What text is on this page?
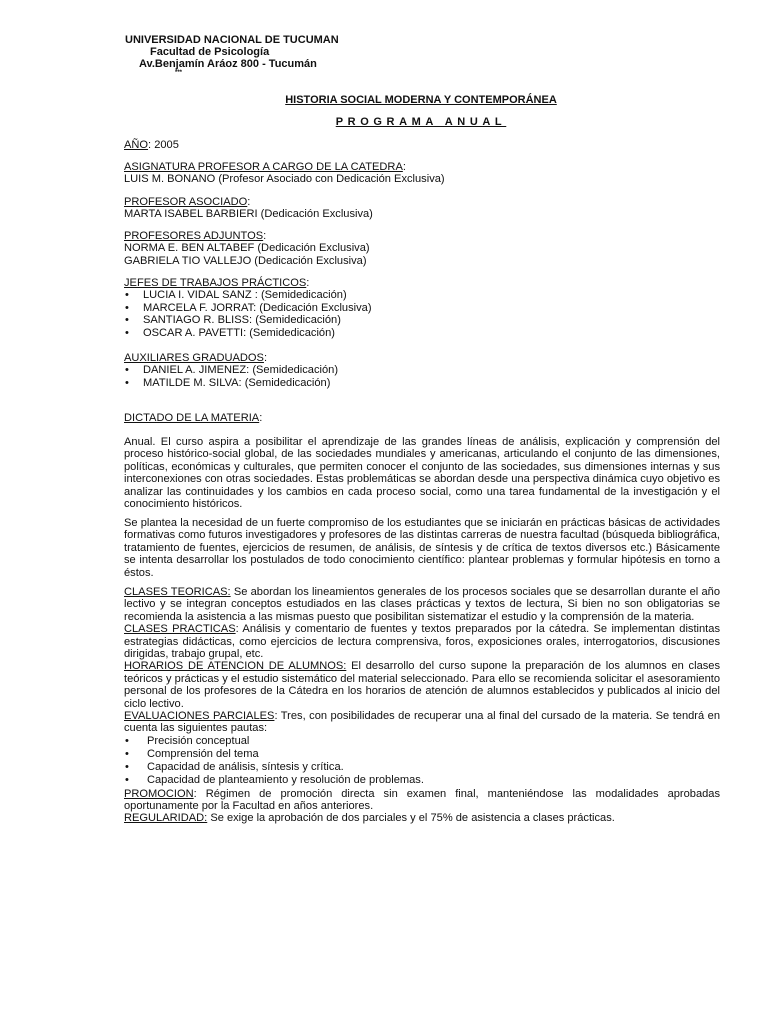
UNIVERSIDAD NACIONAL DE TUCUMAN
Facultad de Psicología
Av.Benjamín Aráoz 800 - Tucumán
***
HISTORIA SOCIAL MODERNA Y CONTEMPORÁNEA
PROGRAMA ANUAL
AÑO: 2005
ASIGNATURA PROFESOR A CARGO DE LA CATEDRA:
LUIS M. BONANO (Profesor Asociado con Dedicación Exclusiva)
PROFESOR ASOCIADO:
MARTA ISABEL BARBIERI (Dedicación Exclusiva)
PROFESORES ADJUNTOS:
NORMA E. BEN ALTABEF (Dedicación Exclusiva)
GABRIELA TIO VALLEJO (Dedicación Exclusiva)
JEFES DE TRABAJOS PRÁCTICOS:
• LUCIA I. VIDAL SANZ : (Semidedicación)
• MARCELA F. JORRAT: (Dedicación Exclusiva)
• SANTIAGO R. BLISS: (Semidedicación)
• OSCAR A. PAVETTI: (Semidedicación)
AUXILIARES GRADUADOS:
• DANIEL A. JIMENEZ: (Semidedicación)
• MATILDE M. SILVA: (Semidedicación)
DICTADO DE LA MATERIA:
Anual. El curso aspira a posibilitar el aprendizaje de las grandes líneas de análisis, explicación y comprensión del proceso histórico-social global, de las sociedades mundiales y americanas, articulando el conjunto de las dimensiones, políticas, económicas y culturales, que permiten conocer el conjunto de las sociedades, sus dimensiones internas y sus interconexiones con otras sociedades. Estas problemáticas se abordan desde una perspectiva dinámica cuyo objetivo es analizar las continuidades y los cambios en cada proceso social, como una tarea fundamental de la investigación y el conocimiento históricos.
Se plantea la necesidad de un fuerte compromiso de los estudiantes que se iniciarán en prácticas básicas de actividades formativas como futuros investigadores y profesores de las distintas carreras de nuestra facultad (búsqueda bibliográfica, tratamiento de fuentes, ejercicios de resumen, de análisis, de síntesis y de crítica de textos diversos etc.) Básicamente se intenta desarrollar los postulados de todo conocimiento científico: plantear problemas y formular hipótesis en torno a éstos.
CLASES TEORICAS: Se abordan los lineamientos generales de los procesos sociales que se desarrollan durante el año lectivo y se integran conceptos estudiados en las clases prácticas y textos de lectura, Si bien no son obligatorias se recomienda la asistencia a las mismas puesto que posibilitan sistematizar el estudio y la comprensión de la materia.
CLASES PRACTICAS: Análisis y comentario de fuentes y textos preparados por la cátedra. Se implementan distintas estrategias didácticas, como ejercicios de lectura comprensiva, foros, exposiciones orales, interrogatorios, discusiones dirigidas, trabajo grupal, etc.
HORARIOS DE ATENCION DE ALUMNOS: El desarrollo del curso supone la preparación de los alumnos en clases teóricos y prácticas y el estudio sistemático del material seleccionado. Para ello se recomienda solicitar el asesoramiento personal de los profesores de la Cátedra en los horarios de atención de alumnos establecidos y publicados al inicio del ciclo lectivo.
EVALUACIONES PARCIALES: Tres, con posibilidades de recuperar una al final del cursado de la materia. Se tendrá en cuenta las siguientes pautas:
• Precisión conceptual
• Comprensión del tema
• Capacidad de análisis, síntesis y crítica.
• Capacidad de planteamiento y resolución de problemas.
PROMOCION: Régimen de promoción directa sin examen final, manteniéndose las modalidades aprobadas oportunamente por la Facultad en años anteriores.
REGULARIDAD: Se exige la aprobación de dos parciales y el 75% de asistencia a clases prácticas.
